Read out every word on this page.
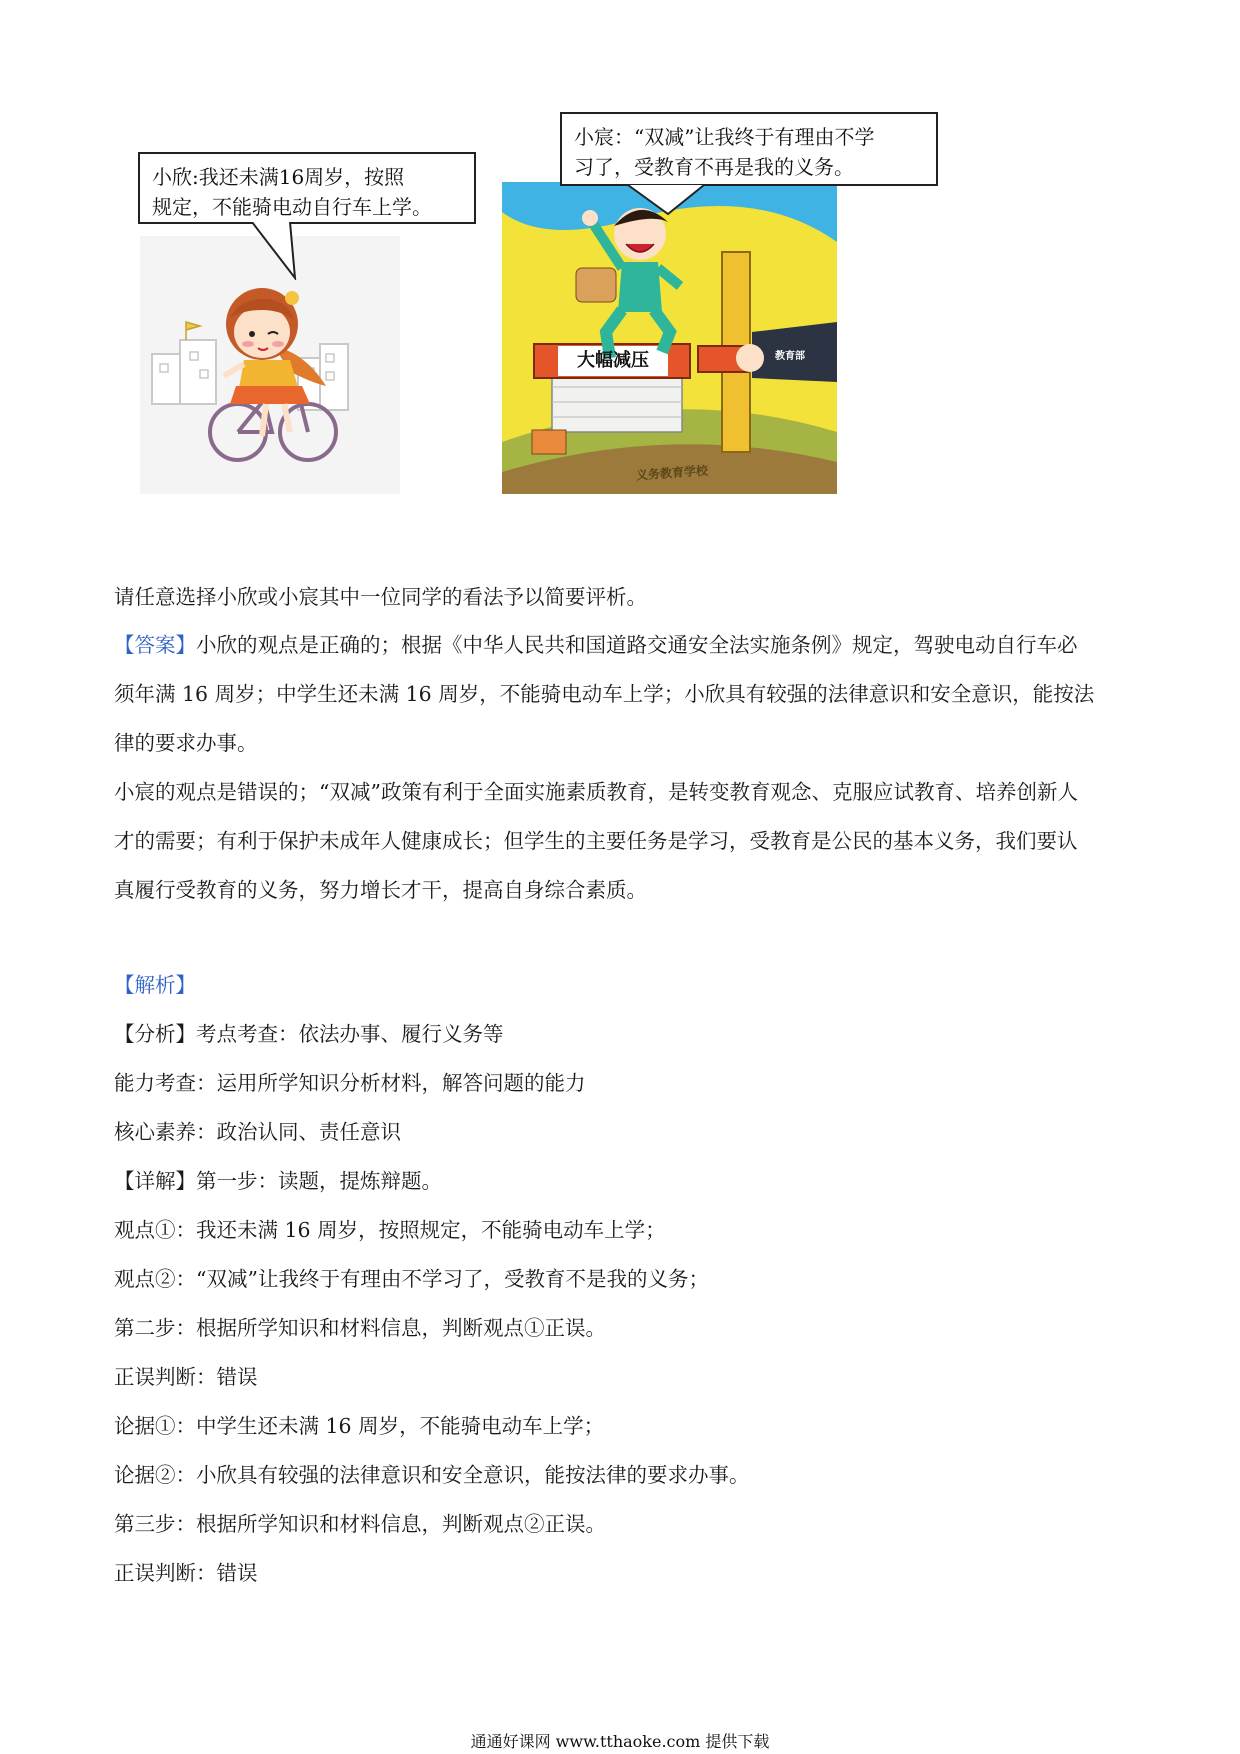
小欣:我还未满16周岁，按照
规定，不能骑电动自行车上学。
大幅减压	教育部
义务教育学校
小宸：“双减”让我终于有理由不学
习了，受教育不再是我的义务。
请任意选择小欣或小宸其中一位同学的看法予以简要评析。
【答案】小欣的观点是正确的；根据《中华人民共和国道路交通安全法实施条例》规定，驾驶电动自行车必
须年满 16 周岁；中学生还未满 16 周岁，不能骑电动车上学；小欣具有较强的法律意识和安全意识，能按法
律的要求办事。
小宸的观点是错误的；“双减”政策有利于全面实施素质教育，是转变教育观念、克服应试教育、培养创新人
才的需要；有利于保护未成年人健康成长；但学生的主要任务是学习，受教育是公民的基本义务，我们要认
真履行受教育的义务，努力增长才干，提高自身综合素质。
【解析】
【分析】考点考查：依法办事、履行义务等
能力考查：运用所学知识分析材料，解答问题的能力
核心素养：政治认同、责任意识
【详解】第一步：读题，提炼辩题。
观点①：我还未满 16 周岁，按照规定，不能骑电动车上学；
观点②：“双减”让我终于有理由不学习了，受教育不是我的义务；
第二步：根据所学知识和材料信息，判断观点①正误。
正误判断：错误
论据①：中学生还未满 16 周岁，不能骑电动车上学；
论据②：小欣具有较强的法律意识和安全意识，能按法律的要求办事。
第三步：根据所学知识和材料信息，判断观点②正误。
正误判断：错误
通通好课网 www.tthaoke.com 提供下载
